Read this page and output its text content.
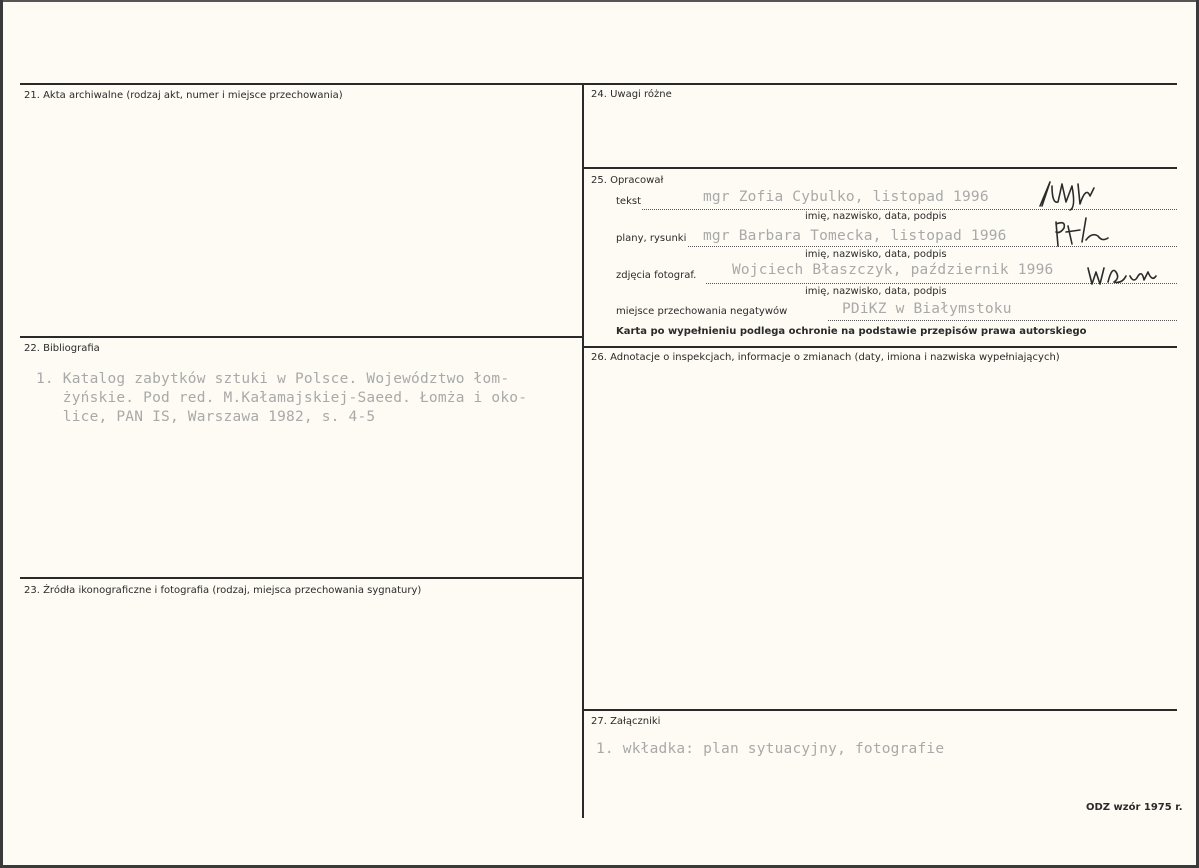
21. Akta archiwalne (rodzaj akt, numer i miejsce przechowania)
22. Bibliografia
1. Katalog zabytków sztuki w Polsce. Województwo łom-
żyńskie. Pod red. M.Kałamajskiej-Saeed. Łomża i oko-
lice, PAN IS, Warszawa 1982, s. 4-5
23. Źródła ikonograficzne i fotografia (rodzaj, miejsca przechowania sygnatury)
24. Uwagi różne
25. Opracował
tekst	mgr Zofia Cybulko, listopad 1996
imię, nazwisko, data, podpis
plany, rysunki mgr Barbara Tomecka, listopad 1996
imię, nazwisko, data, podpis
zdjęcia fotograf. Wojciech Błaszczyk, październik 1996
imię, nazwisko, data, podpis
miejsce przechowania negatywów	PDiKZ w Białymstoku
Karta po wypełnieniu podlega ochronie na podstawie przepisów prawa autorskiego
26. Adnotacje o inspekcjach, informacje o zmianach (daty, imiona i nazwiska wypełniających)
27. Załączniki
1. wkładka: plan sytuacyjny, fotografie
ODZ wzór 1975 r.
